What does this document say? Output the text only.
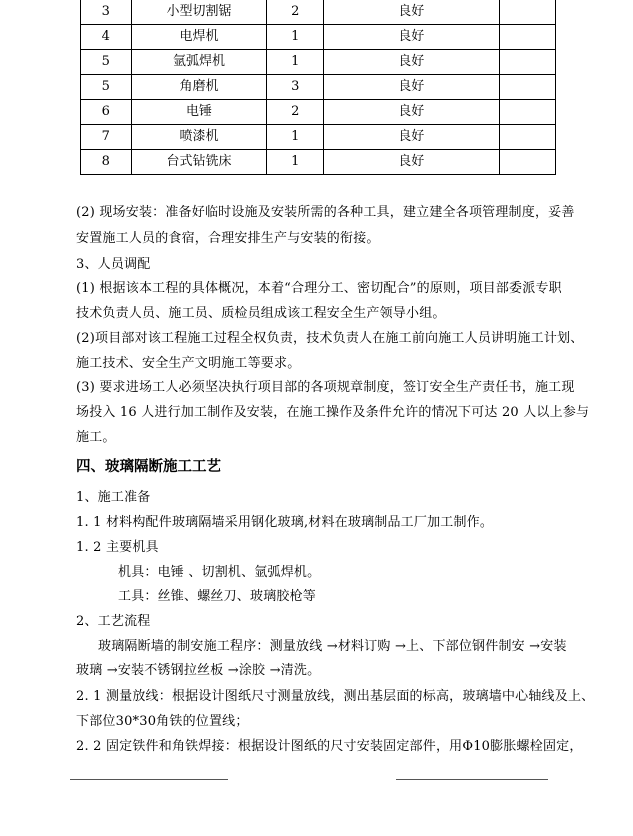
3	小型切割锯	2	良好	
4	电焊机	1	良好	
5	氩弧焊机	1	良好	
5	角磨机	3	良好	
6	电锤	2	良好	
7	喷漆机	1	良好	
8	台式钻铣床	1	良好	
(2) 现场安装：准备好临时设施及安装所需的各种工具，建立建全各项管理制度，妥善
安置施工人员的食宿，合理安排生产与安装的衔接。
3、人员调配
(1) 根据该本工程的具体概况，本着“合理分工、密切配合”的原则，项目部委派专职
技术负责人员、施工员、质检员组成该工程安全生产领导小组。
(2)项目部对该工程施工过程全权负责，技术负责人在施工前向施工人员讲明施工计划、
施工技术、安全生产文明施工等要求。
(3) 要求进场工人必须坚决执行项目部的各项规章制度，签订安全生产责任书，施工现
场投入 16 人进行加工制作及安装，在施工操作及条件允许的情况下可达 20 人以上参与
施工。
四、玻璃隔断施工工艺
1、施工准备
1. 1 材料构配件玻璃隔墙采用钢化玻璃,材料在玻璃制品工厂加工制作。
1. 2 主要机具
机具：电锤 、切割机、氩弧焊机。
工具：丝锥、螺丝刀、玻璃胶枪等
2、工艺流程
玻璃隔断墙的制安施工程序：测量放线 →材料订购 →上、下部位钢件制安 →安装
玻璃 →安装不锈钢拉丝板 →涂胶 →清洗。
2. 1 测量放线：根据设计图纸尺寸测量放线，测出基层面的标高，玻璃墙中心轴线及上、
下部位30*30角铁的位置线；
2. 2 固定铁件和角铁焊接：根据设计图纸的尺寸安装固定部件，用Φ10膨胀螺栓固定，
